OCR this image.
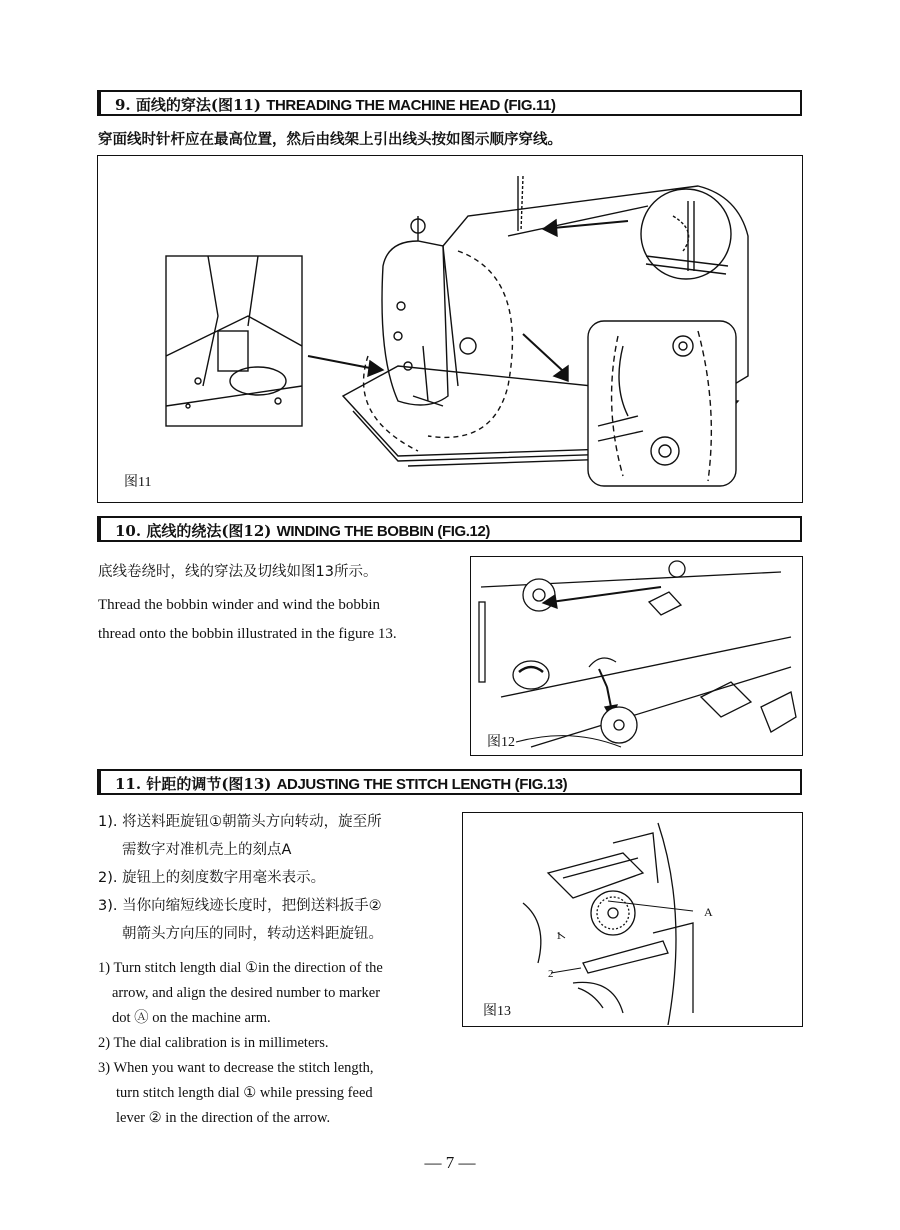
9. 面线的穿法(图11) THREADING THE MACHINE HEAD (FIG.11)
穿面线时针杆应在最高位置，然后由线架上引出线头按如图示顺序穿线。
图11
10. 底线的绕法(图12) WINDING THE BOBBIN (FIG.12)
底线卷绕时，线的穿法及切线如图13所示。
Thread the bobbin winder and wind the bobbin
thread onto the bobbin illustrated in the figure 13.
图12
11. 针距的调节(图13) ADJUSTING THE STITCH LENGTH (FIG.13)
1). 将送料距旋钮①朝箭头方向转动，旋至所
需数字对准机壳上的刻点A
2). 旋钮上的刻度数字用毫米表示。
3). 当你向缩短线迹长度时，把倒送料扳手②
朝箭头方向压的同时，转动送料距旋钮。
1) Turn stitch length dial ①in the direction of the
arrow, and align the desired number to marker
dot Ⓐ on the machine arm.
2) The dial calibration is in millimeters.
3) When you want to decrease the stitch length,
turn stitch length dial ① while pressing feed
lever ② in the direction of the arrow.
A
1
2
图13
— 7 —
